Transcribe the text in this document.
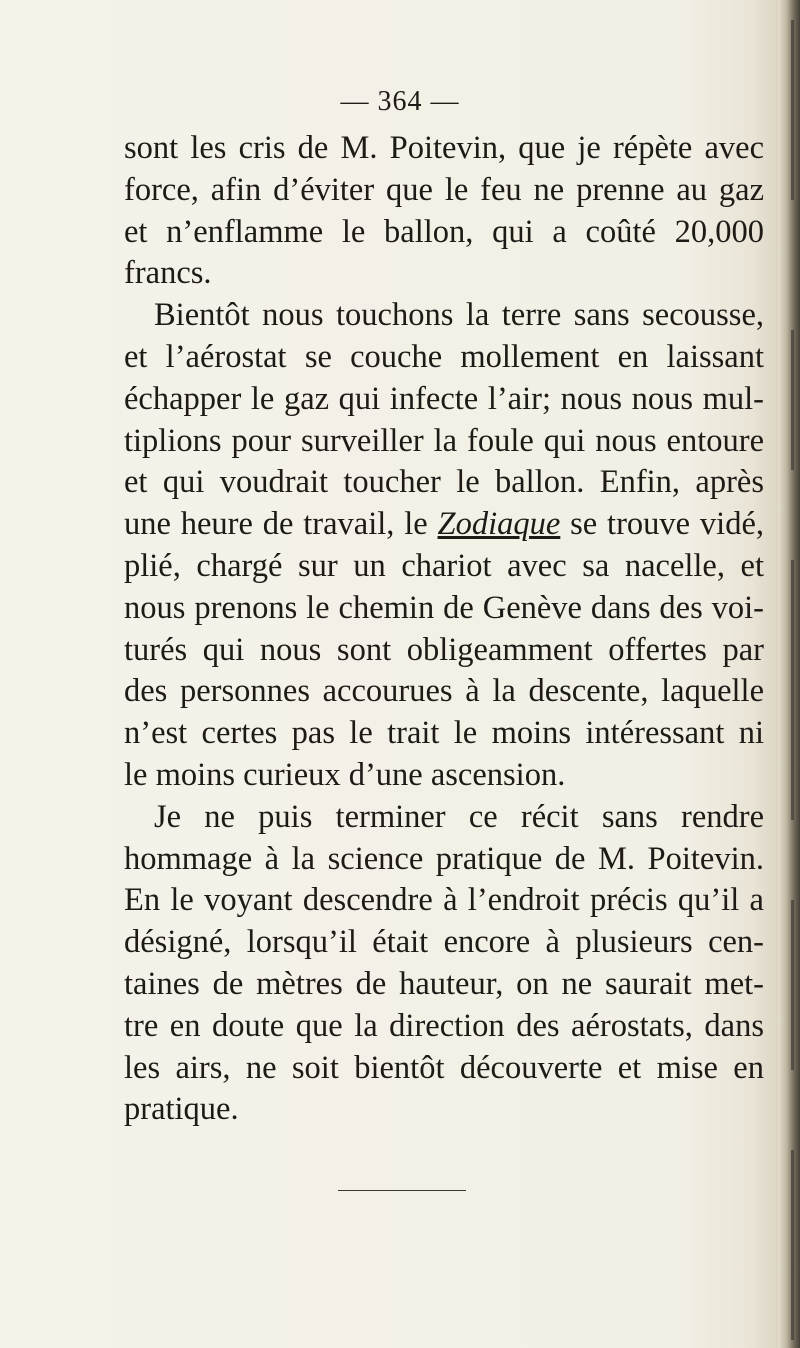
— 364 —
sont les cris de M. Poitevin, que je répète avec
force, afin d’éviter que le feu ne prenne au gaz
et n’enflamme le ballon, qui a coûté 20,000
francs.
Bientôt nous touchons la terre sans secousse,
et l’aérostat se couche mollement en laissant
échapper le gaz qui infecte l’air; nous nous mul-
tiplions pour surveiller la foule qui nous entoure
et qui voudrait toucher le ballon. Enfin, après
une heure de travail, le Zodiaque se trouve vidé,
plié, chargé sur un chariot avec sa nacelle, et
nous prenons le chemin de Genève dans des voi-
turés qui nous sont obligeamment offertes par
des personnes accourues à la descente, laquelle
n’est certes pas le trait le moins intéressant ni
le moins curieux d’une ascension.
Je ne puis terminer ce récit sans rendre
hommage à la science pratique de M. Poitevin.
En le voyant descendre à l’endroit précis qu’il a
désigné, lorsqu’il était encore à plusieurs cen-
taines de mètres de hauteur, on ne saurait met-
tre en doute que la direction des aérostats, dans
les airs, ne soit bientôt découverte et mise en
pratique.
